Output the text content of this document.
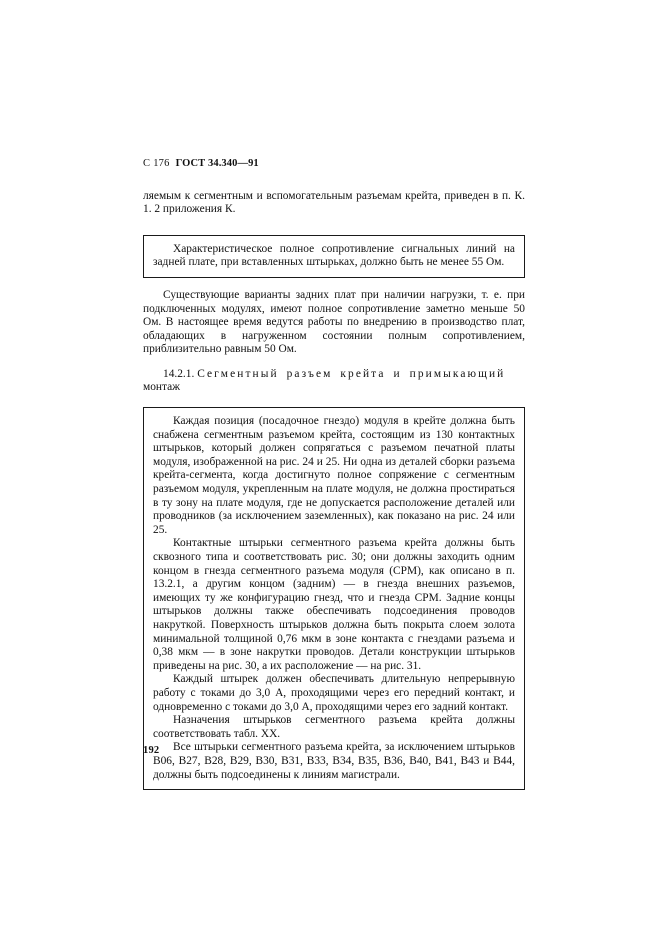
С 176 ГОСТ 34.340—91

ляемым к сегментным и вспомогательным разъемам крейта, приведен в п. К. 1. 2 приложения К.

Характеристическое полное сопротивление сигнальных линий на задней плате, при вставленных штырьках, должно быть не менее 55 Ом.

Существующие варианты задних плат при наличии нагрузки, т. е. при подключенных модулях, имеют полное сопротивление заметно меньше 50 Ом. В настоящее время ведутся работы по внедрению в производство плат, обладающих в нагруженном состоянии полным сопротивлением, приблизительно равным 50 Ом.

14.2.1. Сегментный разъем крейта и примыкающий
монтаж

Каждая позиция (посадочное гнездо) модуля в крейте должна быть снабжена сегментным разъемом крейта, состоящим из 130 контактных штырьков, который должен сопрягаться с разъемом печатной платы модуля, изображенной на рис. 24 и 25. Ни одна из деталей сборки разъема крейта-сегмента, когда достигнуто полное сопряжение с сегментным разъемом модуля, укрепленным на плате модуля, не должна простираться в ту зону на плате модуля, где не допускается расположение деталей или проводников (за исключением заземленных), как показано на рис. 24 или 25.

Контактные штырьки сегментного разъема крейта должны быть сквозного типа и соответствовать рис. 30; они должны заходить одним концом в гнезда сегментного разъема модуля (СРМ), как описано в п. 13.2.1, а другим концом (задним) — в гнезда внешних разъемов, имеющих ту же конфигурацию гнезд, что и гнезда СРМ. Задние концы штырьков должны также обеспечивать подсоединения проводов накруткой. Поверхность штырьков должна быть покрыта слоем золота минимальной толщиной 0,76 мкм в зоне контакта с гнездами разъема и 0,38 мкм — в зоне накрутки проводов. Детали конструкции штырьков приведены на рис. 30, а их расположение — на рис. 31.

Каждый штырек должен обеспечивать длительную непрерывную работу с токами до 3,0 А, проходящими через его передний контакт, и одновременно с токами до 3,0 А, проходящими через его задний контакт.

Назначения штырьков сегментного разъема крейта должны соответствовать табл. XX.

Все штырьки сегментного разъема крейта, за исключением штырьков В06, В27, В28, В29, В30, В31, В33, В34, В35, В36, В40, В41, В43 и В44, должны быть подсоединены к линиям магистрали.

192
